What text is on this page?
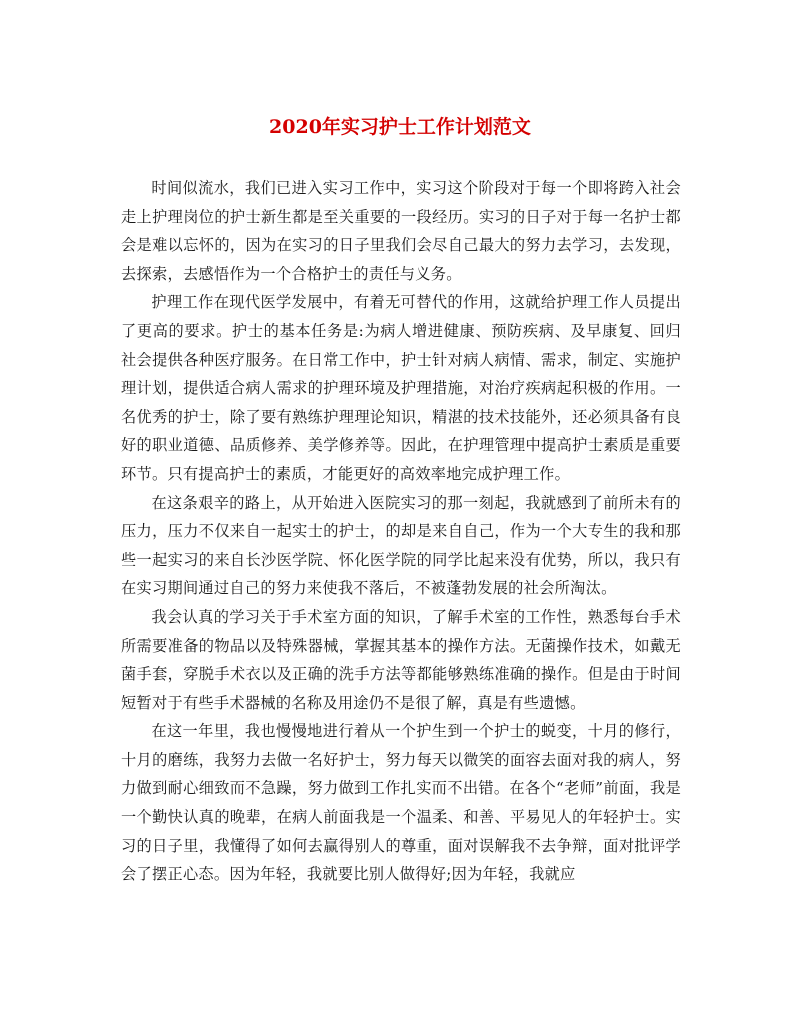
2020年实习护士工作计划范文

时间似流水，我们已进入实习工作中，实习这个阶段对于每一个即将跨入社会走上护理岗位的护士新生都是至关重要的一段经历。实习的日子对于每一名护士都会是难以忘怀的，因为在实习的日子里我们会尽自己最大的努力去学习，去发现，去探索，去感悟作为一个合格护士的责任与义务。

护理工作在现代医学发展中，有着无可替代的作用，这就给护理工作人员提出了更高的要求。护士的基本任务是:为病人增进健康、预防疾病、及早康复、回归社会提供各种医疗服务。在日常工作中，护士针对病人病情、需求，制定、实施护理计划，提供适合病人需求的护理环境及护理措施，对治疗疾病起积极的作用。一名优秀的护士，除了要有熟练护理理论知识，精湛的技术技能外，还必须具备有良好的职业道德、品质修养、美学修养等。因此，在护理管理中提高护士素质是重要环节。只有提高护士的素质，才能更好的高效率地完成护理工作。

在这条艰辛的路上，从开始进入医院实习的那一刻起，我就感到了前所未有的压力，压力不仅来自一起实士的护士，的却是来自自己，作为一个大专生的我和那些一起实习的来自长沙医学院、怀化医学院的同学比起来没有优势，所以，我只有在实习期间通过自己的努力来使我不落后，不被蓬勃发展的社会所淘汰。

我会认真的学习关于手术室方面的知识，了解手术室的工作性，熟悉每台手术所需要准备的物品以及特殊器械，掌握其基本的操作方法。无菌操作技术，如戴无菌手套，穿脱手术衣以及正确的洗手方法等都能够熟练准确的操作。但是由于时间短暂对于有些手术器械的名称及用途仍不是很了解，真是有些遗憾。

在这一年里，我也慢慢地进行着从一个护生到一个护士的蜕变，十月的修行，十月的磨练，我努力去做一名好护士，努力每天以微笑的面容去面对我的病人，努力做到耐心细致而不急躁，努力做到工作扎实而不出错。在各个“老师”前面，我是一个勤快认真的晚辈，在病人前面我是一个温柔、和善、平易见人的年轻护士。实习的日子里，我懂得了如何去赢得别人的尊重，面对误解我不去争辩，面对批评学会了摆正心态。因为年轻，我就要比别人做得好;因为年轻，我就应
